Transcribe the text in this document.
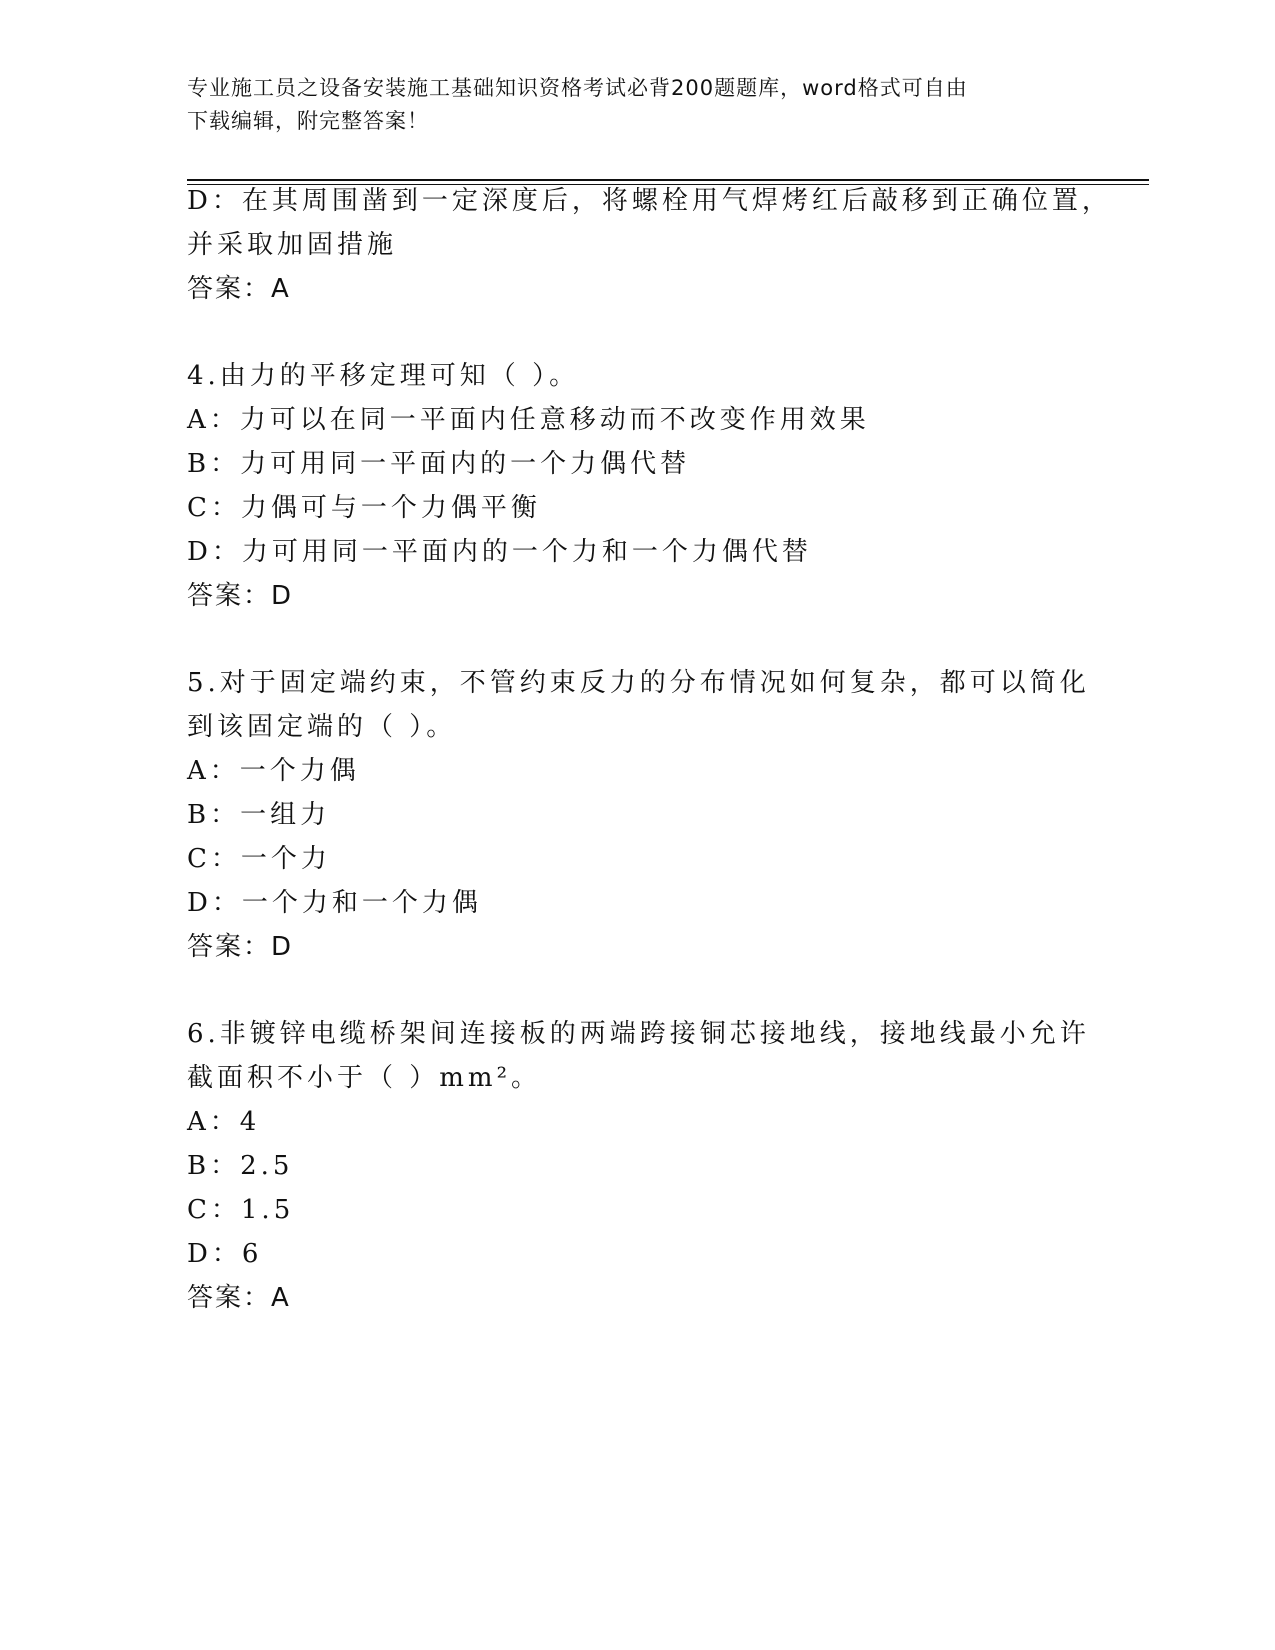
专业施工员之设备安装施工基础知识资格考试必背200题题库，word格式可自由
下载编辑，附完整答案！
D：在其周围凿到一定深度后，将螺栓用气焊烤红后敲移到正确位置，
并采取加固措施
答案：A
4.由力的平移定理可知（ ）。
A：力可以在同一平面内任意移动而不改变作用效果
B：力可用同一平面内的一个力偶代替
C：力偶可与一个力偶平衡
D：力可用同一平面内的一个力和一个力偶代替
答案：D
5.对于固定端约束，不管约束反力的分布情况如何复杂，都可以简化
到该固定端的（ ）。
A：一个力偶
B：一组力
C：一个力
D：一个力和一个力偶
答案：D
6.非镀锌电缆桥架间连接板的两端跨接铜芯接地线，接地线最小允许
截面积不小于（ ）mm²。
A：4
B：2.5
C：1.5
D：6
答案：A
